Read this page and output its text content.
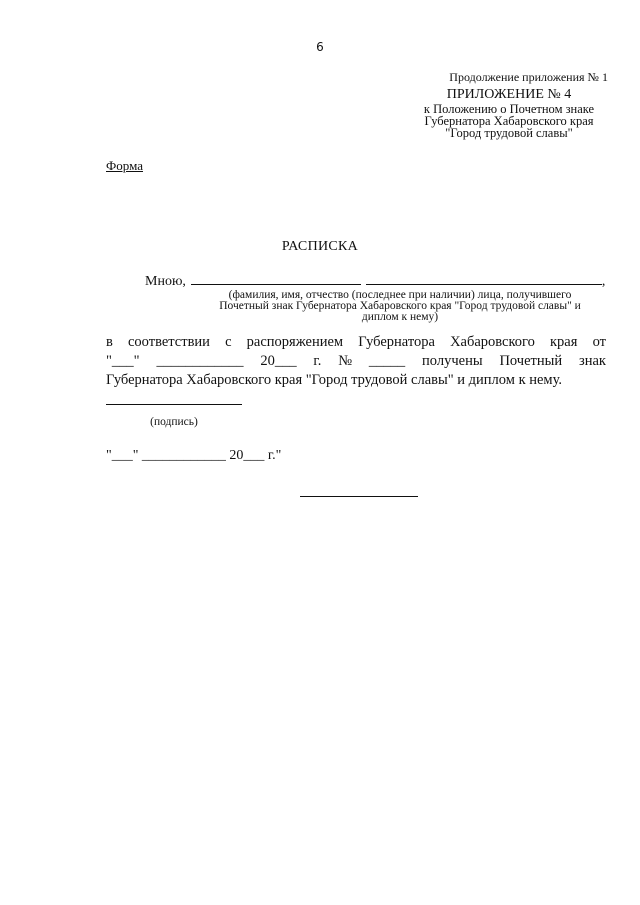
6
Продолжение приложения № 1
ПРИЛОЖЕНИЕ № 4
к Положению о Почетном знаке
Губернатора Хабаровского края
"Город трудовой славы"
Форма
РАСПИСКА
Мною,	,
(фамилия, имя, отчество (последнее при наличии) лица, получившего
Почетный знак Губернатора Хабаровского края "Город трудовой славы" и
диплом к нему)
в соответствии с распоряжением Губернатора Хабаровского края от
"___" ____________ 20___ г. № _____ получены Почетный знак
Губернатора Хабаровского края "Город трудовой славы" и диплом к нему.
(подпись)
"___" ____________ 20___ г."
